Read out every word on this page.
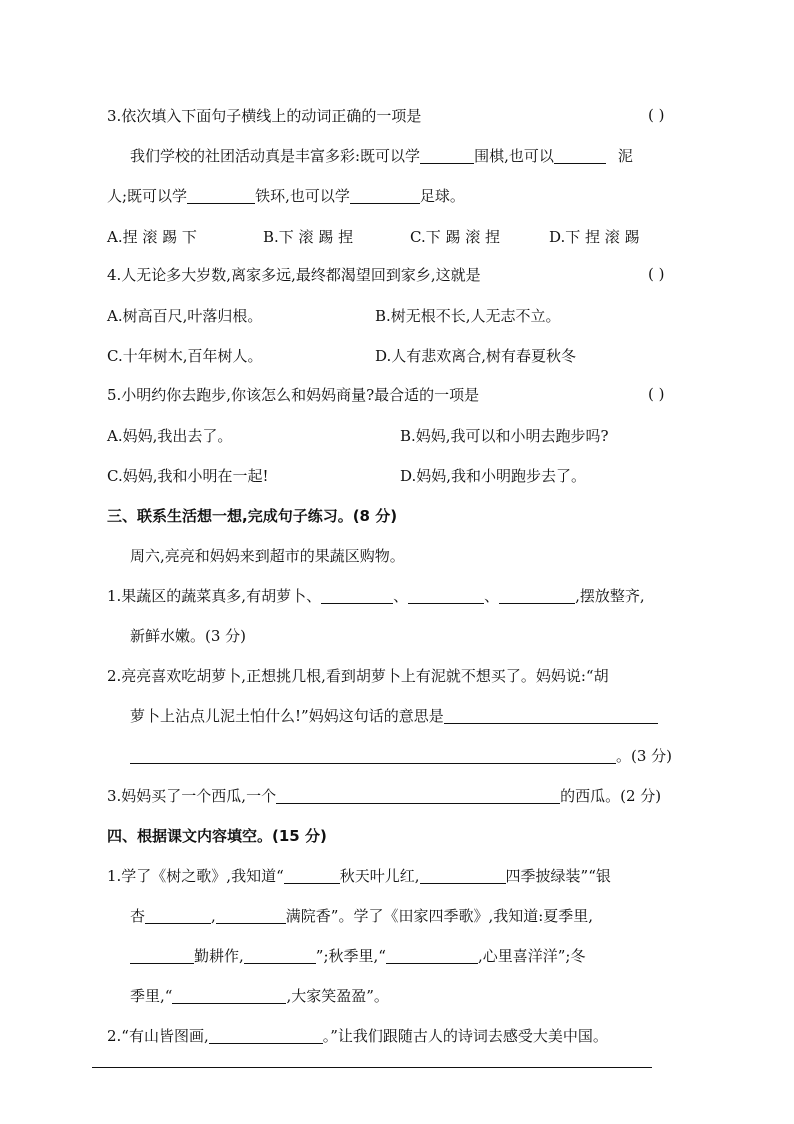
3.依次填入下面句子横线上的动词正确的一项是	( )
我们学校的社团活动真是丰富多彩:既可以学	围棋,也可以	泥
人;既可以学	铁环,也可以学	足球。
A.捏 滚 踢 下	B.下 滚 踢 捏	C.下 踢 滚 捏	D.下 捏 滚 踢
4.人无论多大岁数,离家多远,最终都渴望回到家乡,这就是	( )
A.树高百尺,叶落归根。	B.树无根不长,人无志不立。
C.十年树木,百年树人。	D.人有悲欢离合,树有春夏秋冬
5.小明约你去跑步,你该怎么和妈妈商量?最合适的一项是	( )
A.妈妈,我出去了。	B.妈妈,我可以和小明去跑步吗?
C.妈妈,我和小明在一起!	D.妈妈,我和小明跑步去了。
三、联系生活想一想,完成句子练习。(8 分)
周六,亮亮和妈妈来到超市的果蔬区购物。
1.果蔬区的蔬菜真多,有胡萝卜、	、	、	,摆放整齐,
新鲜水嫩。(3 分)
2.亮亮喜欢吃胡萝卜,正想挑几根,看到胡萝卜上有泥就不想买了。妈妈说:“胡
萝卜上沾点儿泥土怕什么!”妈妈这句话的意思是
。(3 分)
3.妈妈买了一个西瓜,一个	的西瓜。(2 分)
四、根据课文内容填空。(15 分)
1.学了《树之歌》,我知道“	秋天叶儿红,	四季披绿装”“银
杏	,	满院香”。学了《田家四季歌》,我知道:夏季里,
勤耕作,	”;秋季里,“	,心里喜洋洋”;冬
季里,“	,大家笑盈盈”。
2.“有山皆图画,	。”让我们跟随古人的诗词去感受大美中国。
